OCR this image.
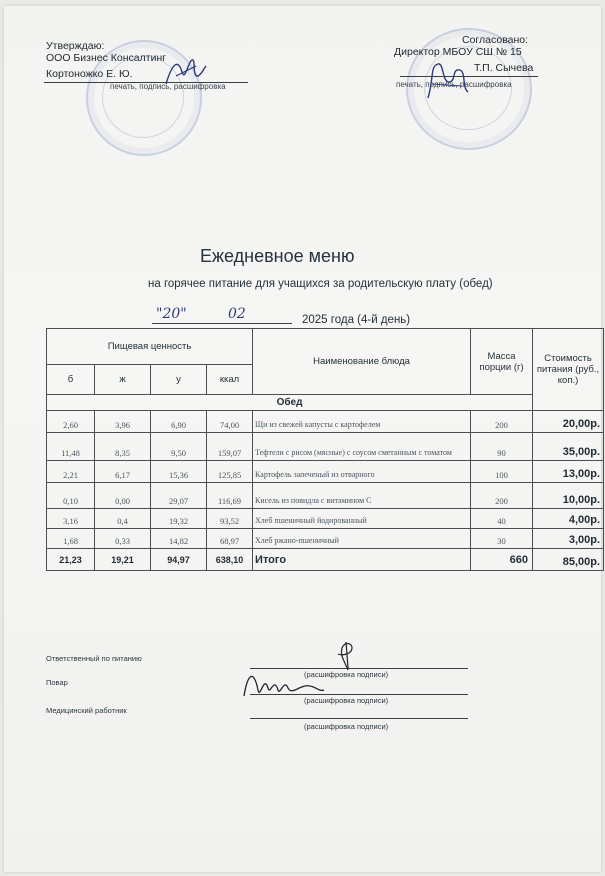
Утверждаю:
ООО Бизнес Консалтинг
Кортоножко Е. Ю.
печать, подпись, расшифровка
Согласовано:
Директор МБОУ СШ № 15
Т.П. Сычева
печать, подпись, расшифровка
Ежедневное меню
на горячее питание для учащихся за родительскую плату (обед)
"20"	02	2025 года (4-й день)
Пищевая ценность				Наименование блюда	Масса порции (г)	Стоимость питания (руб., коп.)
б	ж	у	ккал			
Обед						
2,60	3,96	6,90	74,00	Щи из свежей капусты с картофелем	200	20,00р.
11,48	8,35	9,50	159,07	Тефтели с рисом (мясные) с соусом сметанным с томатом	90	35,00р.
2,21	6,17	15,36	125,85	Картофель запеченый из отварного	100	13,00р.
0,10	0,00	29,07	116,69	Кисель из повидла с витамином С	200	10,00р.
3,16	0,4	19,32	93,52	Хлеб пшеничный йодированный	40	4,00р.
1,68	0,33	14,82	68,97	Хлеб ржано-пшеничный	30	3,00р.
21,23	19,21	94,97	638,10	Итого	660	85,00р.
Ответственный по питанию
(расшифровка подписи)
Повар
(расшифровка подписи)
Медицинский работник
(расшифровка подписи)
